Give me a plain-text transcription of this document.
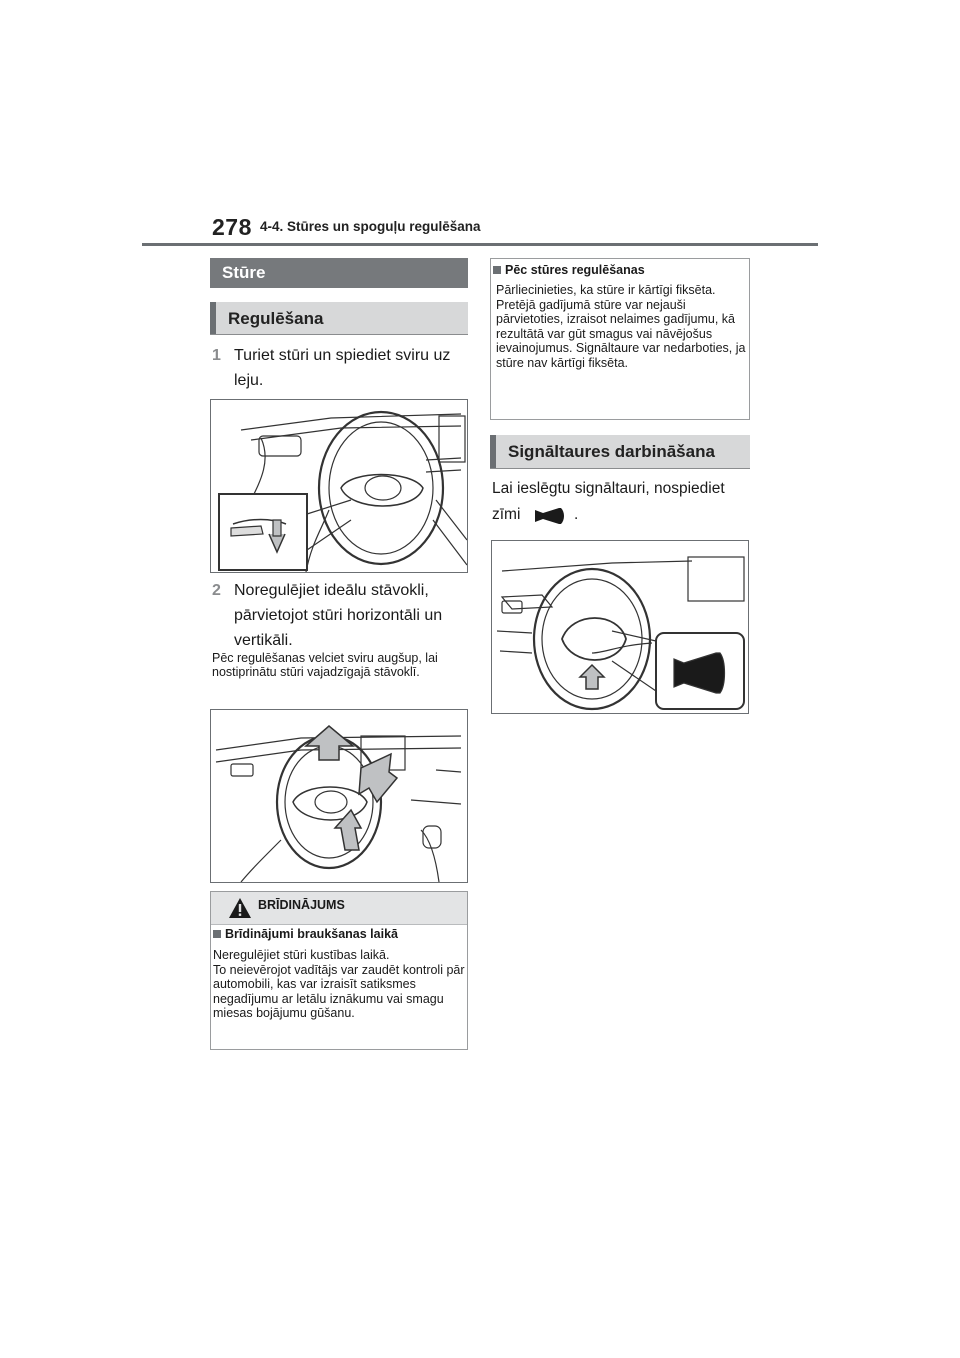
278 4-4. Stūres un spoguļu regulēšana
Stūre
Regulēšana
1 Turiet stūri un spiediet sviru uz leju.
2 Noregulējiet ideālu stāvokli, pārvietojot stūri horizontāli un vertikāli.
Pēc regulēšanas velciet sviru augšup, lai nostiprinātu stūri vajadzīgajā stāvoklī.
BRĪDINĀJUMS
Brīdinājumi braukšanas laikā
Neregulējiet stūri kustības laikā.
To neievērojot vadītājs var zaudēt kontroli pār automobili, kas var izraisīt satiksmes negadījumu ar letālu iznākumu vai smagu miesas bojājumu gūšanu.
Pēc stūres regulēšanas
Pārliecinieties, ka stūre ir kārtīgi fiksēta.
Pretējā gadījumā stūre var nejauši pārvietoties, izraisot nelaimes gadījumu, kā rezultātā var gūt smagus vai nāvējošus ievainojumus. Signāltaure var nedarboties, ja stūre nav kārtīgi fiksēta.
Signāltaures darbināšana
Lai ieslēgtu signāltauri, nospiediet
zīmi	.
